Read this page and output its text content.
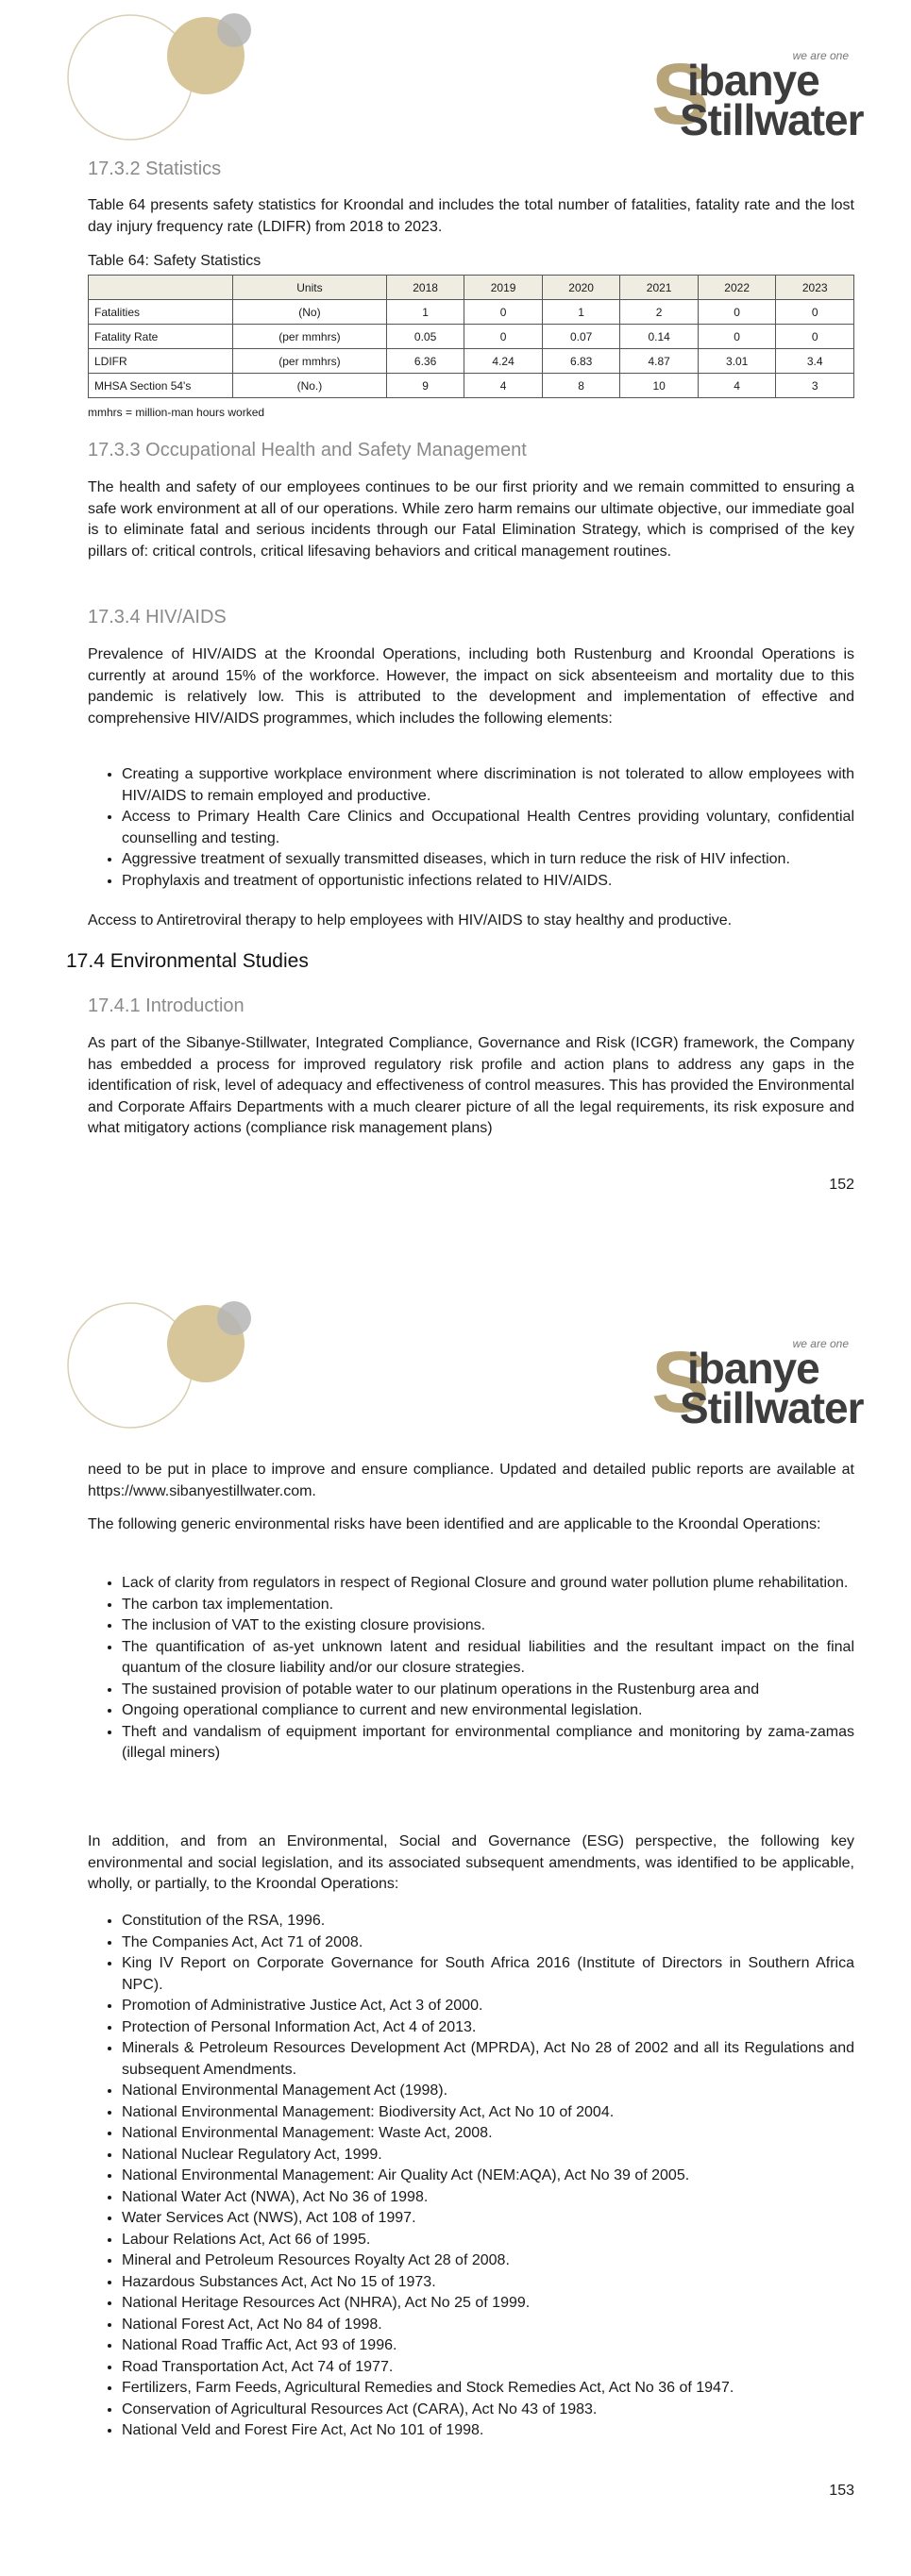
we are one
S
ibanye
Stillwater
17.3.2 Statistics

Table 64 presents safety statistics for Kroondal and includes the total number of fatalities, fatality rate and the lost day injury frequency rate (LDIFR) from 2018 to 2023.

Table 64: Safety Statistics
	Units	2018	2019	2020	2021	2022	2023
Fatalities	(No)	1	0	1	2	0	0
Fatality Rate	(per mmhrs)	0.05	0	0.07	0.14	0	0
LDIFR	(per mmhrs)	6.36	4.24	6.83	4.87	3.01	3.4
MHSA Section 54's	(No.)	9	4	8	10	4	3
mmhrs = million-man hours worked
17.3.3 Occupational Health and Safety Management

The health and safety of our employees continues to be our first priority and we remain committed to ensuring a safe work environment at all of our operations. While zero harm remains our ultimate objective, our immediate goal is to eliminate fatal and serious incidents through our Fatal Elimination Strategy, which is comprised of the key pillars of: critical controls, critical lifesaving behaviors and critical management routines.

17.3.4 HIV/AIDS

Prevalence of HIV/AIDS at the Kroondal Operations, including both Rustenburg and Kroondal Operations is currently at around 15% of the workforce. However, the impact on sick absenteeism and mortality due to this pandemic is relatively low. This is attributed to the development and implementation of effective and comprehensive HIV/AIDS programmes, which includes the following elements:

• Creating a supportive workplace environment where discrimination is not tolerated to allow employees with HIV/AIDS to remain employed and productive.
• Access to Primary Health Care Clinics and Occupational Health Centres providing voluntary, confidential counselling and testing.
• Aggressive treatment of sexually transmitted diseases, which in turn reduce the risk of HIV infection.
• Prophylaxis and treatment of opportunistic infections related to HIV/AIDS.

Access to Antiretroviral therapy to help employees with HIV/AIDS to stay healthy and productive.

17.4 Environmental Studies
17.4.1 Introduction

As part of the Sibanye-Stillwater, Integrated Compliance, Governance and Risk (ICGR) framework, the Company has embedded a process for improved regulatory risk profile and action plans to address any gaps in the identification of risk, level of adequacy and effectiveness of control measures. This has provided the Environmental and Corporate Affairs Departments with a much clearer picture of all the legal requirements, its risk exposure and what mitigatory actions (compliance risk management plans)

152
we are one
S
ibanye
Stillwater

need to be put in place to improve and ensure compliance. Updated and detailed public reports are available at https://www.sibanyestillwater.com.

The following generic environmental risks have been identified and are applicable to the Kroondal Operations:

• Lack of clarity from regulators in respect of Regional Closure and ground water pollution plume rehabilitation.
• The carbon tax implementation.
• The inclusion of VAT to the existing closure provisions.
• The quantification of as-yet unknown latent and residual liabilities and the resultant impact on the final quantum of the closure liability and/or our closure strategies.
• The sustained provision of potable water to our platinum operations in the Rustenburg area and
• Ongoing operational compliance to current and new environmental legislation.
• Theft and vandalism of equipment important for environmental compliance and monitoring by zama-zamas (illegal miners)

In addition, and from an Environmental, Social and Governance (ESG) perspective, the following key environmental and social legislation, and its associated subsequent amendments, was identified to be applicable, wholly, or partially, to the Kroondal Operations:

• Constitution of the RSA, 1996.
• The Companies Act, Act 71 of 2008.
• King IV Report on Corporate Governance for South Africa 2016 (Institute of Directors in Southern Africa NPC).
• Promotion of Administrative Justice Act, Act 3 of 2000.
• Protection of Personal Information Act, Act 4 of 2013.
• Minerals & Petroleum Resources Development Act (MPRDA), Act No 28 of 2002 and all its Regulations and subsequent Amendments.
• National Environmental Management Act (1998).
• National Environmental Management: Biodiversity Act, Act No 10 of 2004.
• National Environmental Management: Waste Act, 2008.
• National Nuclear Regulatory Act, 1999.
• National Environmental Management: Air Quality Act (NEM:AQA), Act No 39 of 2005.
• National Water Act (NWA), Act No 36 of 1998.
• Water Services Act (NWS), Act 108 of 1997.
• Labour Relations Act, Act 66 of 1995.
• Mineral and Petroleum Resources Royalty Act 28 of 2008.
• Hazardous Substances Act, Act No 15 of 1973.
• National Heritage Resources Act (NHRA), Act No 25 of 1999.
• National Forest Act, Act No 84 of 1998.
• National Road Traffic Act, Act 93 of 1996.
• Road Transportation Act, Act 74 of 1977.
• Fertilizers, Farm Feeds, Agricultural Remedies and Stock Remedies Act, Act No 36 of 1947.
• Conservation of Agricultural Resources Act (CARA), Act No 43 of 1983.
• National Veld and Forest Fire Act, Act No 101 of 1998.
153
